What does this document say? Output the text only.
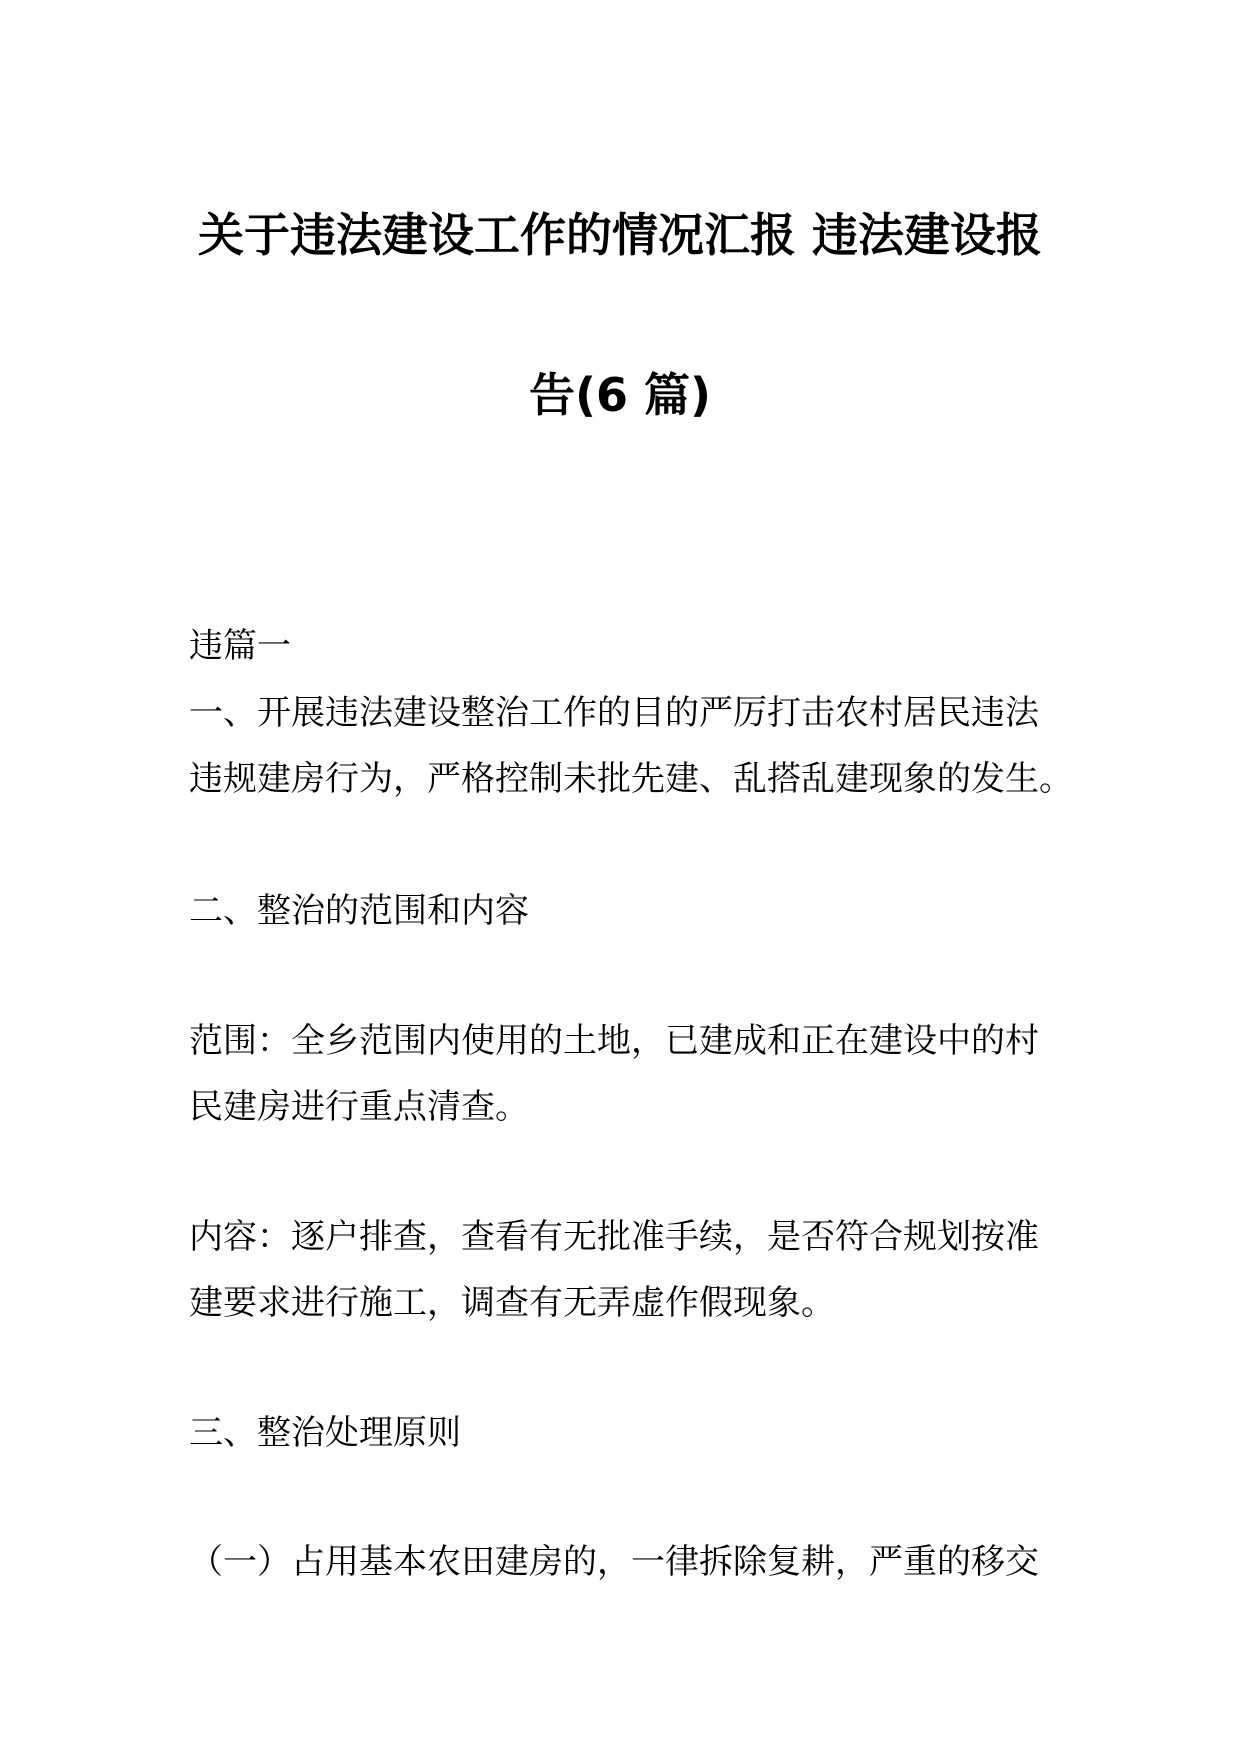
关于违法建设工作的情况汇报 违法建设报
告(6 篇)
违篇一
一、开展违法建设整治工作的目的严厉打击农村居民违法
违规建房行为，严格控制未批先建、乱搭乱建现象的发生。
二、整治的范围和内容
范围：全乡范围内使用的土地，已建成和正在建设中的村
民建房进行重点清查。
内容：逐户排查，查看有无批准手续，是否符合规划按准
建要求进行施工，调查有无弄虚作假现象。
三、整治处理原则
（一）占用基本农田建房的，一律拆除复耕，严重的移交
